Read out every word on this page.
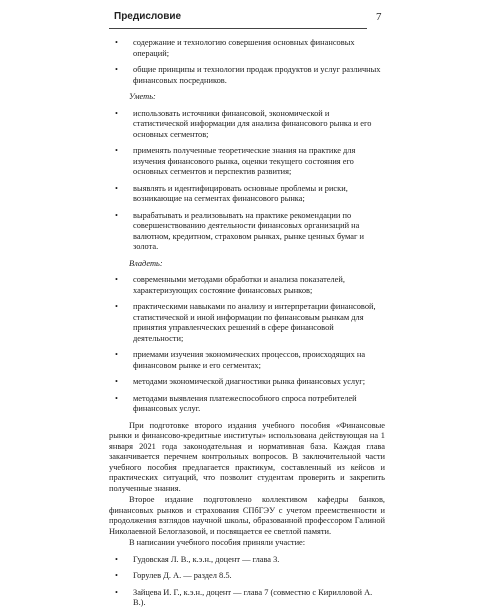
Предисловие	7
• содержание и технологию совершения основных финансовых операций;
• общие принципы и технологии продаж продуктов и услуг различных финансовых посредников.
Уметь:
• использовать источники финансовой, экономической и статистической информации для анализа финансового рынка и его основных сегментов;
• применять полученные теоретические знания на практике для изучения финансового рынка, оценки текущего состояния его основных сегментов и перспектив развития;
• выявлять и идентифицировать основные проблемы и риски, возникающие на сегментах финансового рынка;
• вырабатывать и реализовывать на практике рекомендации по совершенствованию деятельности финансовых организаций на валютном, кредитном, страховом рынках, рынке ценных бумаг и золота.
Владеть:
• современными методами обработки и анализа показателей, характеризующих состояние финансовых рынков;
• практическими навыками по анализу и интерпретации финансовой, статистической и иной информации по финансовым рынкам для принятия управленческих решений в сфере финансовой деятельности;
• приемами изучения экономических процессов, происходящих на финансовом рынке и его сегментах;
• методами экономической диагностики рынка финансовых услуг;
• методами выявления платежеспособного спроса потребителей финансовых услуг.
При подготовке второго издания учебного пособия «Финансовые рынки и финансово-кредитные институты» использована действующая на 1 января 2021 года законодательная и нормативная база. Каждая глава заканчивается перечнем контрольных вопросов. В заключительной части учебного пособия предлагается практикум, составленный из кейсов и практических ситуаций, что позволит студентам проверить и закрепить полученные знания.
Второе издание подготовлено коллективом кафедры банков, финансовых рынков и страхования СПбГЭУ с учетом преемственности и продолжения взглядов научной школы, образованной профессором Галиной Николаевной Белоглазовой, и посвящается ее светлой памяти.
В написании учебного пособия приняли участие:
• Гудовская Л. В., к.э.н., доцент — глава 3.
• Горулев Д. А. — раздел 8.5.
• Зайцева И. Г., к.э.н., доцент — глава 7 (совместно с Кирилловой А. В.).
